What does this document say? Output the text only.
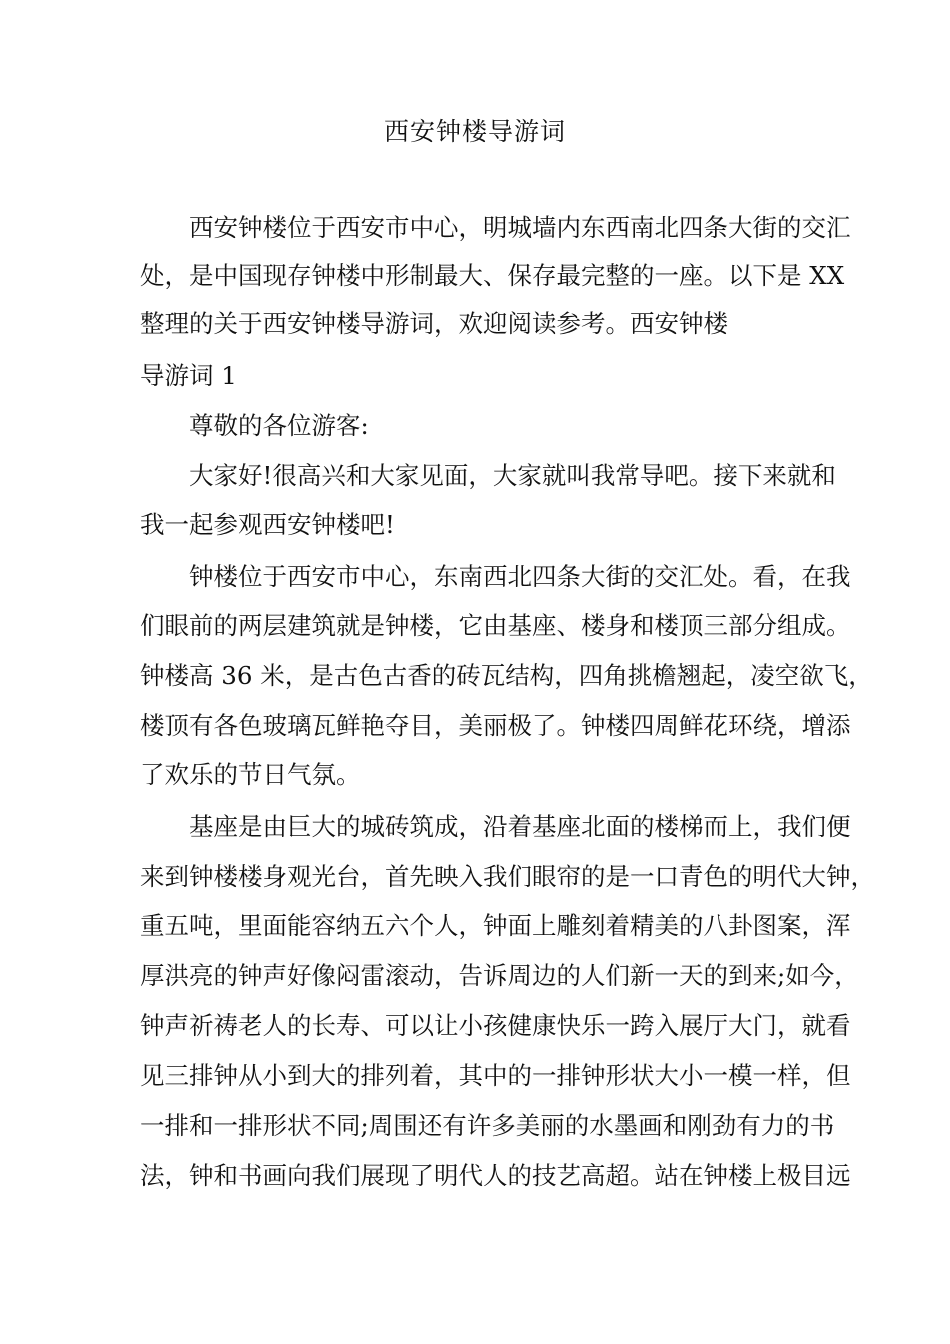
西安钟楼导游词

西安钟楼位于西安市中心，明城墙内东西南北四条大街的交汇

处，是中国现存钟楼中形制最大、保存最完整的一座。以下是 XX

整理的关于西安钟楼导游词，欢迎阅读参考。西安钟楼

导游词 1

尊敬的各位游客:

大家好!很高兴和大家见面，大家就叫我常导吧。接下来就和

我一起参观西安钟楼吧!

钟楼位于西安市中心，东南西北四条大街的交汇处。看，在我

们眼前的两层建筑就是钟楼，它由基座、楼身和楼顶三部分组成。

钟楼高 36 米，是古色古香的砖瓦结构，四角挑檐翘起，凌空欲飞，

楼顶有各色玻璃瓦鲜艳夺目，美丽极了。钟楼四周鲜花环绕，增添

了欢乐的节日气氛。

基座是由巨大的城砖筑成，沿着基座北面的楼梯而上，我们便

来到钟楼楼身观光台，首先映入我们眼帘的是一口青色的明代大钟，

重五吨，里面能容纳五六个人，钟面上雕刻着精美的八卦图案，浑

厚洪亮的钟声好像闷雷滚动，告诉周边的人们新一天的到来;如今，

钟声祈祷老人的长寿、可以让小孩健康快乐一跨入展厅大门，就看

见三排钟从小到大的排列着，其中的一排钟形状大小一模一样，但

一排和一排形状不同;周围还有许多美丽的水墨画和刚劲有力的书

法，钟和书画向我们展现了明代人的技艺高超。站在钟楼上极目远
